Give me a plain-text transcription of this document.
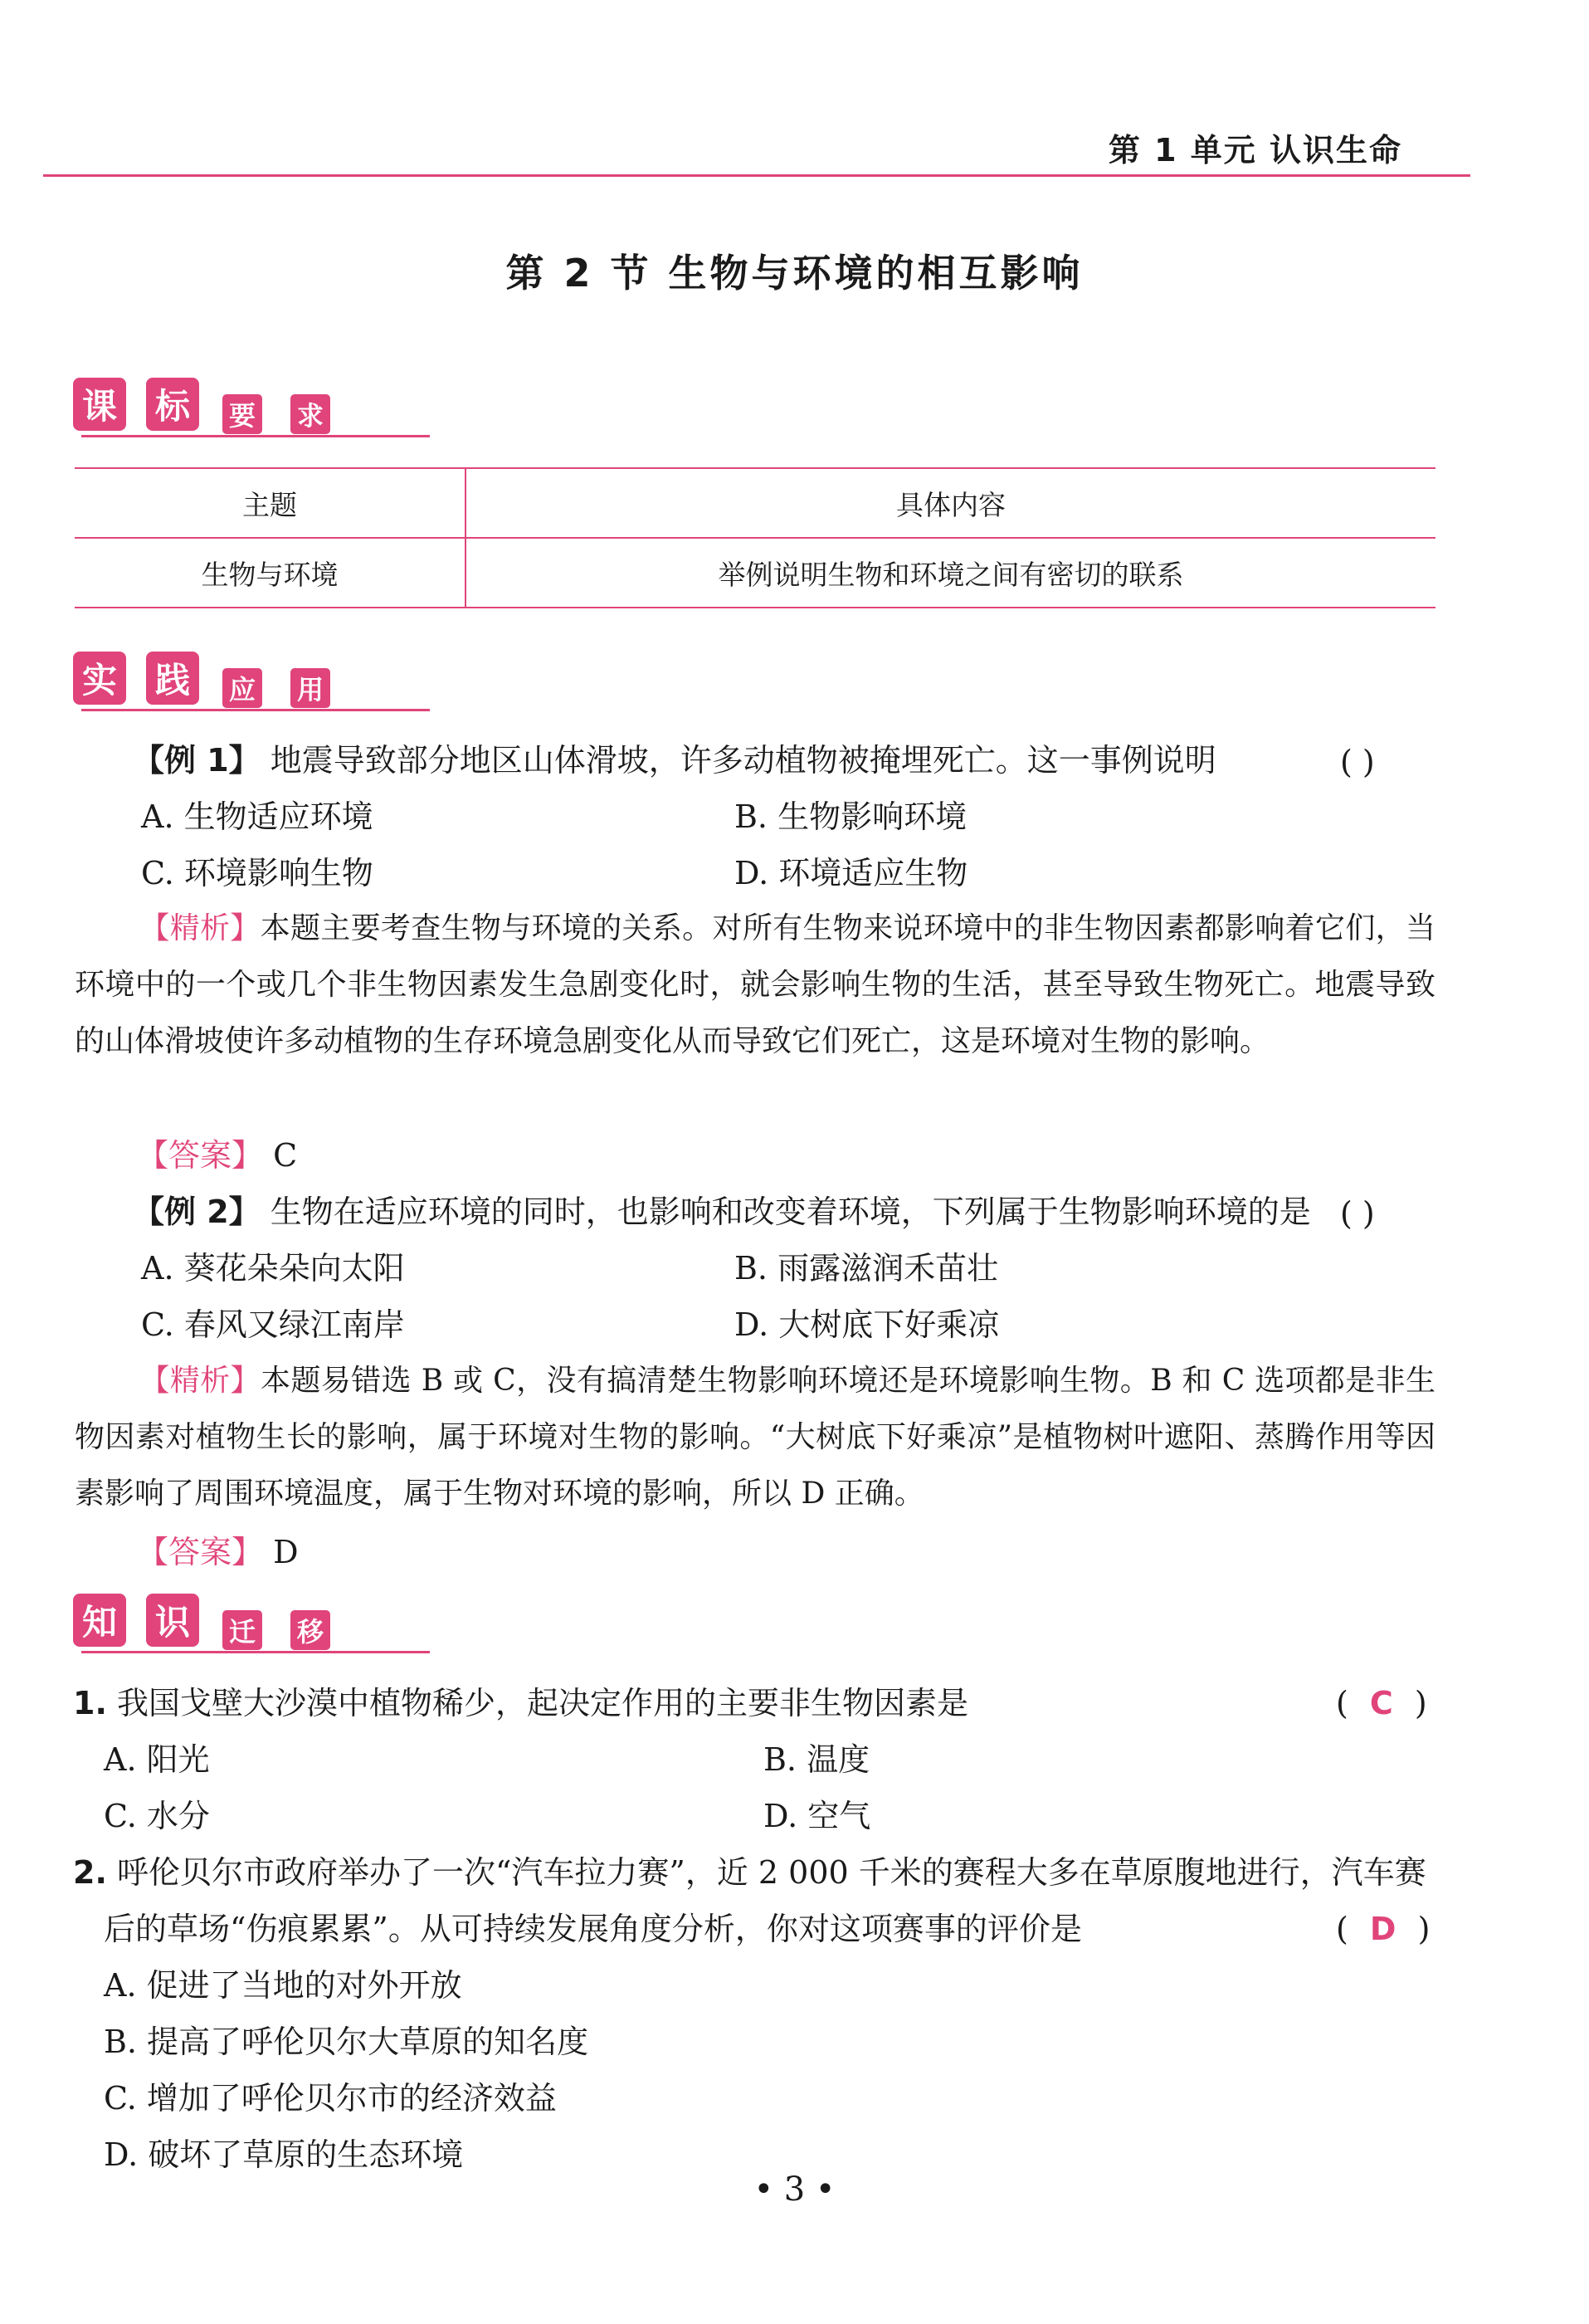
第 1 单元 认识生命
第 2 节 生物与环境的相互影响
课 标	要 求
主题	具体内容
生物与环境	举例说明生物和环境之间有密切的联系
实 践	应 用
【例 1】 地震导致部分地区山体滑坡，许多动植物被掩埋死亡。这一事例说明	( )
A. 生物适应环境	B. 生物影响环境
C. 环境影响生物	D. 环境适应生物
【精析】本题主要考查生物与环境的关系。对所有生物来说环境中的非生物因素都影响着它们，当环境中的一个或几个非生物因素发生急剧变化时，就会影响生物的生活，甚至导致生物死亡。地震导致的山体滑坡使许多动植物的生存环境急剧变化从而导致它们死亡，这是环境对生物的影响。
【答案】 C
【例 2】 生物在适应环境的同时，也影响和改变着环境，下列属于生物影响环境的是 ( )
A. 葵花朵朵向太阳	B. 雨露滋润禾苗壮
C. 春风又绿江南岸	D. 大树底下好乘凉
【精析】本题易错选 B 或 C，没有搞清楚生物影响环境还是环境影响生物。B 和 C 选项都是非生物因素对植物生长的影响，属于环境对生物的影响。“大树底下好乘凉”是植物树叶遮阳、蒸腾作用等因素影响了周围环境温度，属于生物对环境的影响，所以 D 正确。
【答案】 D
知 识	迁 移
1. 我国戈壁大沙漠中植物稀少，起决定作用的主要非生物因素是	( C )
A. 阳光	B. 温度
C. 水分	D. 空气
2. 呼伦贝尔市政府举办了一次“汽车拉力赛”，近 2 000 千米的赛程大多在草原腹地进行，汽车赛
后的草场“伤痕累累”。从可持续发展角度分析，你对这项赛事的评价是	( D )
A. 促进了当地的对外开放
B. 提高了呼伦贝尔大草原的知名度
C. 增加了呼伦贝尔市的经济效益
D. 破坏了草原的生态环境
• 3 •
